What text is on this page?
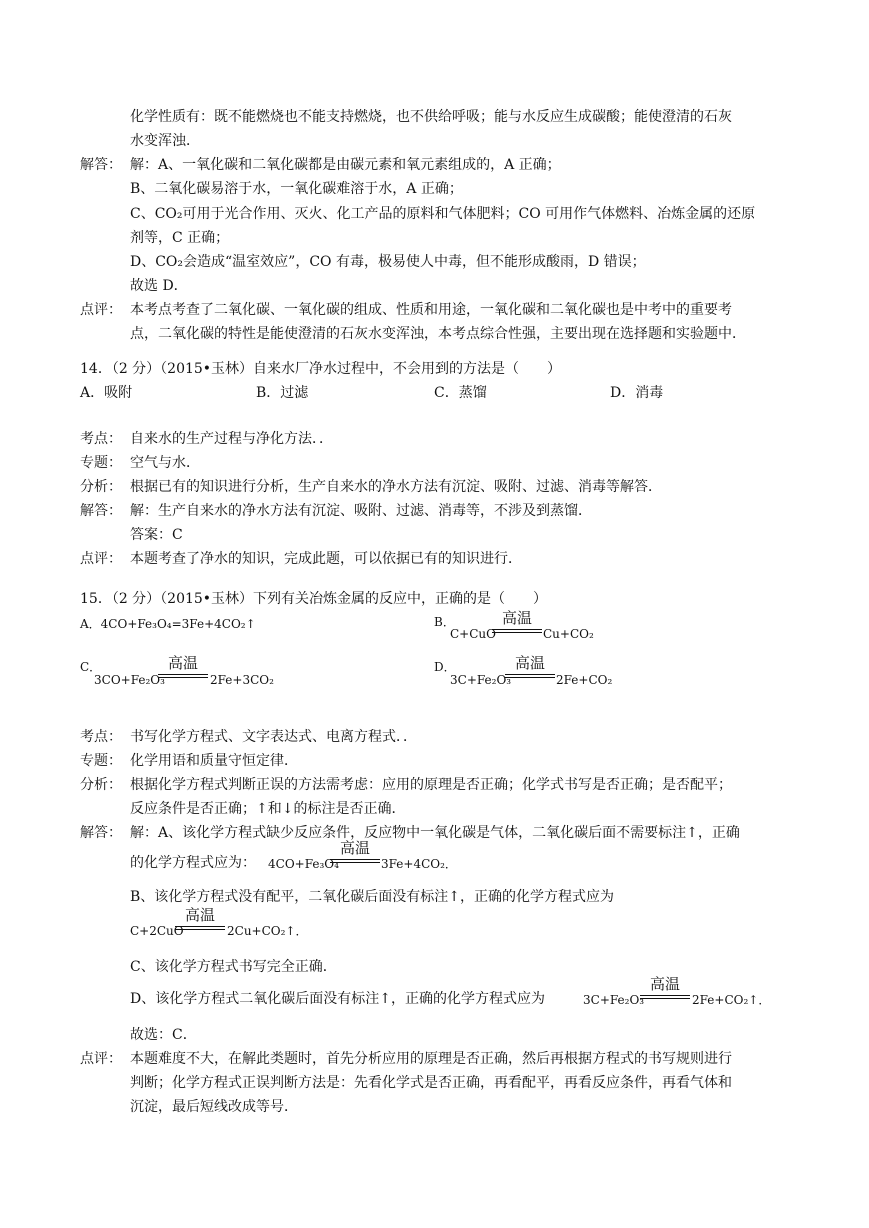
化学性质有：既不能燃烧也不能支持燃烧，也不供给呼吸；能与水反应生成碳酸；能使澄清的石灰
水变浑浊．
解答： 解：A、一氧化碳和二氧化碳都是由碳元素和氧元素组成的，A 正确；
B、二氧化碳易溶于水，一氧化碳难溶于水，A 正确；
C、CO₂可用于光合作用、灭火、化工产品的原料和气体肥料；CO 可用作气体燃料、冶炼金属的还原
剂等，C 正确；
D、CO₂会造成“温室效应”，CO 有毒，极易使人中毒，但不能形成酸雨，D 错误；
故选 D．
点评： 本考点考查了二氧化碳、一氧化碳的组成、性质和用途，一氧化碳和二氧化碳也是中考中的重要考
点，二氧化碳的特性是能使澄清的石灰水变浑浊，本考点综合性强，主要出现在选择题和实验题中．
14．（2 分）（2015•玉林）自来水厂净水过程中，不会用到的方法是（　　）
A．吸附	B．过滤	C．蒸馏	D．消毒
考点： 自来水的生产过程与净化方法．．
专题： 空气与水．
分析： 根据已有的知识进行分析，生产自来水的净水方法有沉淀、吸附、过滤、消毒等解答．
解答： 解：生产自来水的净水方法有沉淀、吸附、过滤、消毒等，不涉及到蒸馏．
答案：C
点评： 本题考查了净水的知识，完成此题，可以依据已有的知识进行．
15．（2 分）（2015•玉林）下列有关冶炼金属的反应中，正确的是（　　）
A．4CO+Fe₃O₄=3Fe+4CO₂↑	B．
C+CuO
高温
Cu+CO₂
C．
3CO+Fe₂O₃
高温
2Fe+3CO₂
D．
3C+Fe₂O₃
高温
2Fe+CO₂
考点： 书写化学方程式、文字表达式、电离方程式．．
专题： 化学用语和质量守恒定律．
分析： 根据化学方程式判断正误的方法需考虑：应用的原理是否正确；化学式书写是否正确；是否配平；
反应条件是否正确；↑和↓的标注是否正确．
解答： 解：A、该化学方程式缺少反应条件，反应物中一氧化碳是气体，二氧化碳后面不需要标注↑，正确
的化学方程式应为： 4CO+Fe₃O₄
高温
3Fe+4CO₂．
B、该化学方程式没有配平，二氧化碳后面没有标注↑，正确的化学方程式应为
C+2CuO
高温
2Cu+CO₂↑．
C、该化学方程式书写完全正确．
D、该化学方程式二氧化碳后面没有标注↑，正确的化学方程式应为	3C+Fe₂O₃
高温
2Fe+CO₂↑．
故选：C．
点评： 本题难度不大，在解此类题时，首先分析应用的原理是否正确，然后再根据方程式的书写规则进行
判断；化学方程式正误判断方法是：先看化学式是否正确，再看配平，再看反应条件，再看气体和
沉淀，最后短线改成等号．
